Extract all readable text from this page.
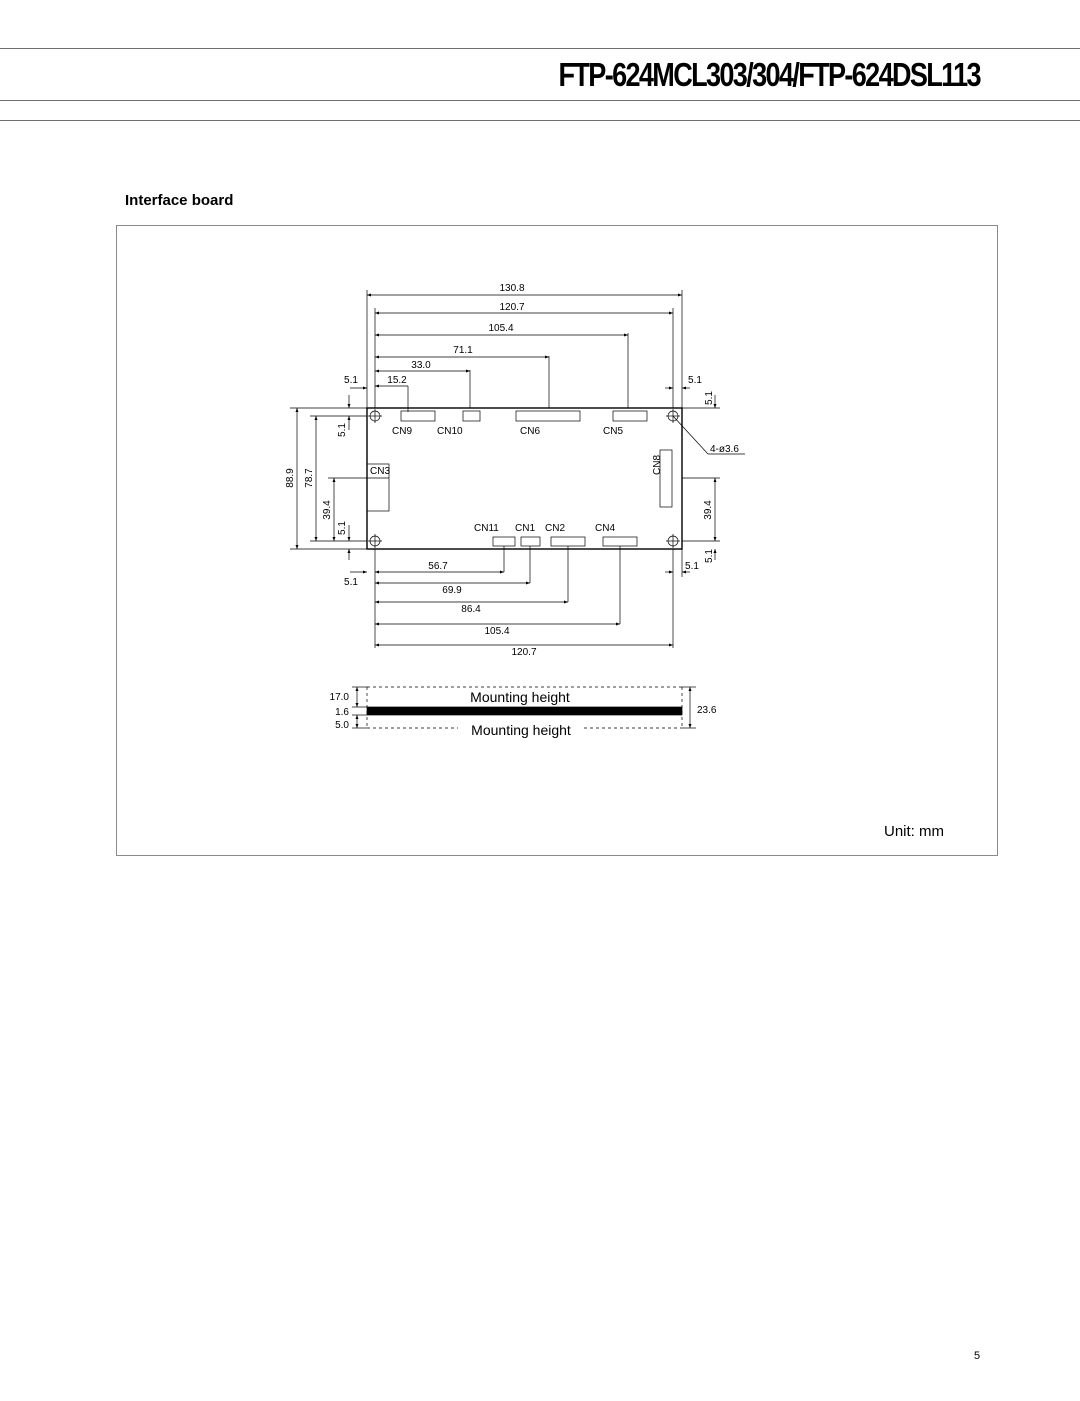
FTP-624MCL303/304/FTP-624DSL113
Interface board
130.8
120.7
105.4
71.1
33.0
15.2
5.1	5.1
5.1
4-ø3.6
CN9 CN10	CN6	CN5
CN3	CN8
CN11 CN1 CN2	CN4
88.9 78.7
39.4
5.1
5.1
39.4
5.1
5.1
5.1
56.7
69.9
86.4
105.4
120.7
17.0
1.6
5.0
23.6
Mounting height
Mounting height
Unit: mm
5
